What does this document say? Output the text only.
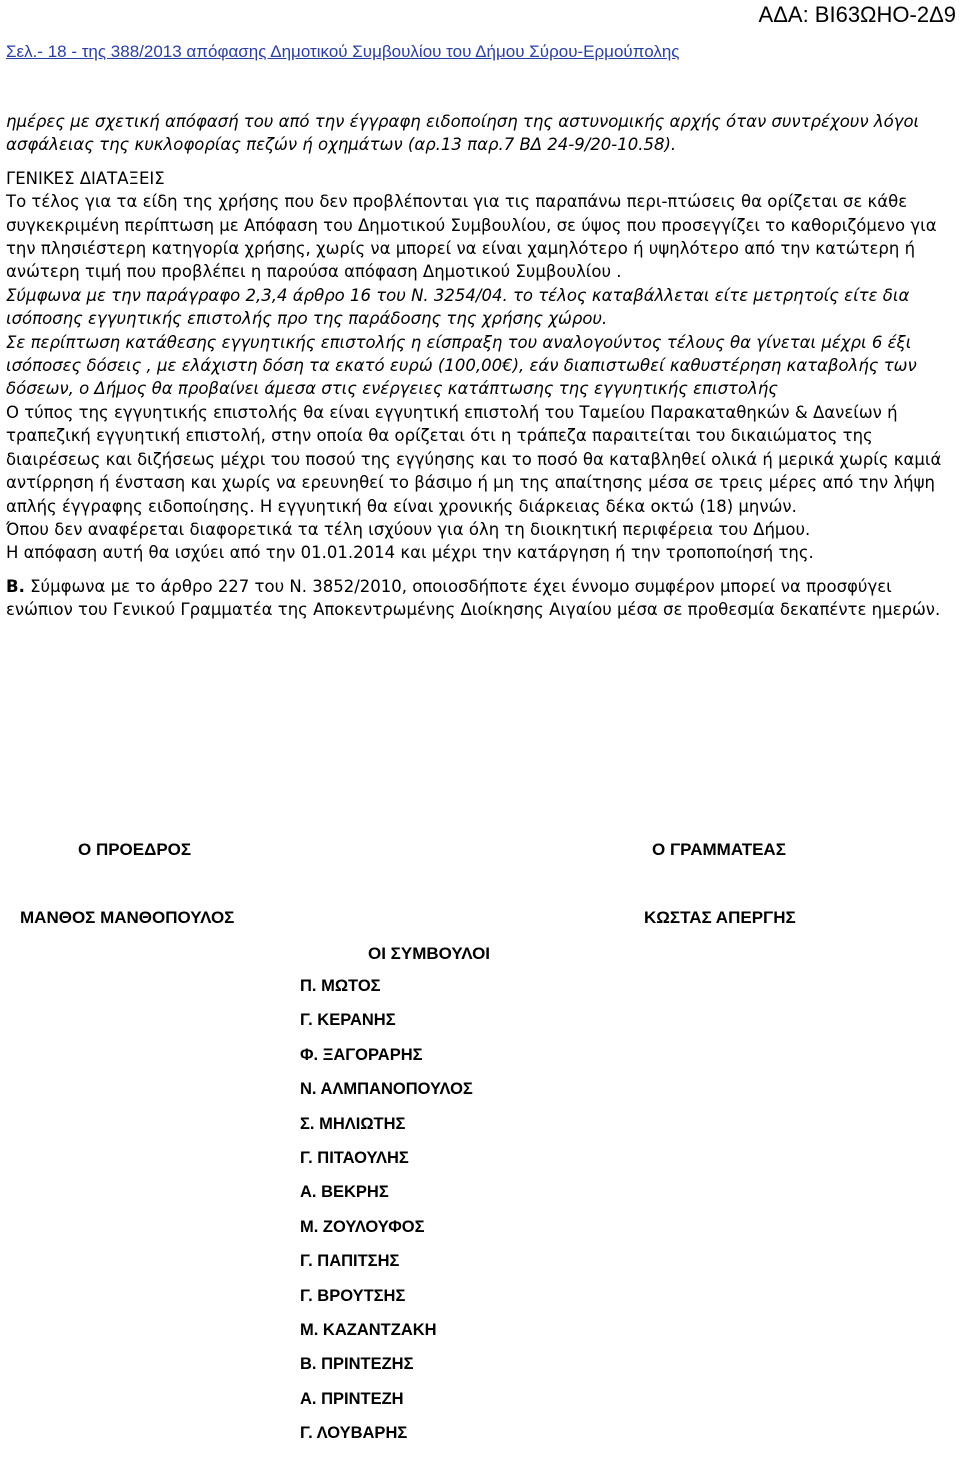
ΑΔΑ: ΒΙ63ΩΗΟ-2Δ9
Σελ.- 18 - της 388/2013 απόφασης Δημοτικού Συμβουλίου του Δήμου Σύρου-Ερμούπολης

ημέρες με σχετική απόφασή του από την έγγραφη ειδοποίηση της αστυνομικής αρχής όταν συντρέχουν λόγοι ασφάλειας της κυκλοφορίας πεζών ή οχημάτων (αρ.13 παρ.7 ΒΔ 24-9/20-10.58).

ΓΕΝΙΚΕΣ ΔΙΑΤΑΞΕΙΣ

Το τέλος για τα είδη της χρήσης που δεν προβλέπονται για τις παραπάνω περι-πτώσεις θα ορίζεται σε κάθε συγκεκριμένη περίπτωση με Απόφαση του Δημοτικού Συμβουλίου, σε ύψος που προσεγγίζει το καθοριζόμενο για την πλησιέστερη κατηγορία χρήσης, χωρίς να μπορεί να είναι χαμηλότερο ή υψηλότερο από την κατώτερη ή ανώτερη τιμή που προβλέπει η παρούσα απόφαση Δημοτικού Συμβουλίου .

Σύμφωνα με την παράγραφο 2,3,4 άρθρο 16 του Ν. 3254/04. το τέλος καταβάλλεται είτε μετρητοίς είτε δια ισόποσης εγγυητικής επιστολής προ της παράδοσης της χρήσης χώρου.

Σε περίπτωση κατάθεσης εγγυητικής επιστολής η είσπραξη του αναλογούντος τέλους θα γίνεται μέχρι 6 έξι ισόποσες δόσεις , με ελάχιστη δόση τα εκατό ευρώ (100,00€), εάν διαπιστωθεί καθυστέρηση καταβολής των δόσεων, ο Δήμος θα προβαίνει άμεσα στις ενέργειες κατάπτωσης της εγγυητικής επιστολής

Ο τύπος της εγγυητικής επιστολής θα είναι εγγυητική επιστολή του Ταμείου Παρακαταθηκών & Δανείων ή τραπεζική εγγυητική επιστολή, στην οποία θα ορίζεται ότι η τράπεζα παραιτείται του δικαιώματος της διαιρέσεως και διζήσεως μέχρι του ποσού της εγγύησης και το ποσό θα καταβληθεί ολικά ή μερικά χωρίς καμιά αντίρρηση ή ένσταση και χωρίς να ερευνηθεί το βάσιμο ή μη της απαίτησης μέσα σε τρεις μέρες από την λήψη απλής έγγραφης ειδοποίησης. Η εγγυητική θα είναι χρονικής διάρκειας δέκα οκτώ (18) μηνών.

Όπου δεν αναφέρεται διαφορετικά τα τέλη ισχύουν για όλη τη διοικητική περιφέρεια του Δήμου.

Η απόφαση αυτή θα ισχύει από την 01.01.2014 και μέχρι την κατάργηση ή την τροποποίησή της.

Β. Σύμφωνα με το άρθρο 227 του Ν. 3852/2010, οποιοσδήποτε έχει έννομο συμφέρον μπορεί να προσφύγει ενώπιον του Γενικού Γραμματέα της Αποκεντρωμένης Διοίκησης Αιγαίου μέσα σε προθεσμία δεκαπέντε ημερών.

Ο ΠΡΟΕΔΡΟΣ	Ο ΓΡΑΜΜΑΤΕΑΣ
ΜΑΝΘΟΣ ΜΑΝΘΟΠΟΥΛΟΣ	ΚΩΣΤΑΣ ΑΠΕΡΓΗΣ
ΟΙ ΣΥΜΒΟΥΛΟΙ
Π. ΜΩΤΟΣ
Γ. ΚΕΡΑΝΗΣ
Φ. ΞΑΓΟΡΑΡΗΣ
Ν. ΑΛΜΠΑΝΟΠΟΥΛΟΣ
Σ. ΜΗΛΙΩΤΗΣ
Γ. ΠΙΤΑΟΥΛΗΣ
Α. ΒΕΚΡΗΣ
Μ. ΖΟΥΛΟΥΦΟΣ
Γ. ΠΑΠΙΤΣΗΣ
Γ. ΒΡΟΥΤΣΗΣ
Μ. ΚΑΖΑΝΤΖΑΚΗ
Β. ΠΡΙΝΤΕΖΗΣ
Α. ΠΡΙΝΤΕΖΗ
Γ. ΛΟΥΒΑΡΗΣ
